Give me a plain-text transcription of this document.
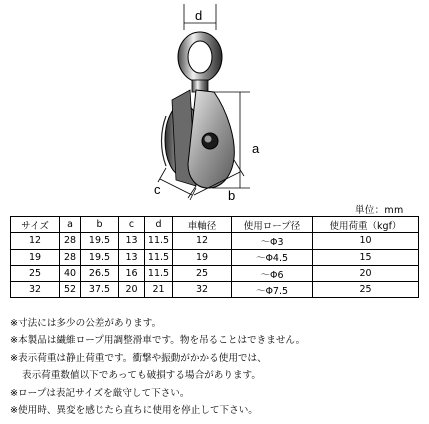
d
a
c	b
単位：mm
サイズ	a	b	c	d	車軸径	使用ロープ径	使用荷重（kgf）
12	28	19.5	13	11.5	12	～Φ3	10
19	28	19.5	13	11.5	19	～Φ4.5	15
25	40	26.5	16	11.5	25	～Φ6	20
32	52	37.5	20	21	32	～Φ7.5	25
※寸法には多少の公差があります。
※本製品は繊維ロープ用調整滑車です。物を吊ることはできません。
※表示荷重は静止荷重です。衝撃や振動がかかる使用では、
表示荷重数値以下であっても破損する場合があります。
※ロープは表記サイズを厳守して下さい。
※使用時、異変を感じたら直ちに使用を停止して下さい。
